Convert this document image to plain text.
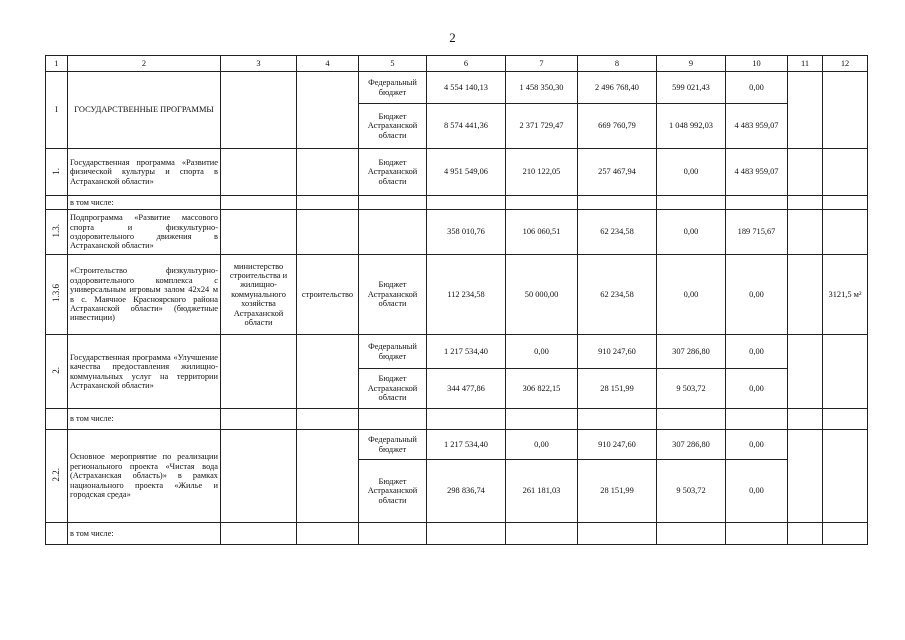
2
1	2	3	4	5	6	7	8	9	10	11	12
I	ГОСУДАРСТВЕННЫЕ ПРОГРАММЫ			Федеральный бюджет	4 554 140,13	1 458 350,30	2 496 768,40	599 021,43	0,00		
				Бюджет Астраханской области	8 574 441,36	2 371 729,47	669 760,79	1 048 992,03	4 483 959,07		
1.	Государственная программа «Развитие физической культуры и спорта в Астраханской области»			Бюджет Астраханской области	4 951 549,06	210 122,05	257 467,94	0,00	4 483 959,07		
	в том числе:										
1.3.	Подпрограмма «Развитие массового спорта и физкультурно-оздоровительного движения в Астраханской области»				358 010,76	106 060,51	62 234,58	0,00	189 715,67		
1.3.6	«Строительство физкультурно-оздоровительного комплекса с универсальным игровым залом 42х24 м в с. Маячное Красноярского района Астраханской области» (бюджетные инвестиции)	министерство строительства и жилищно-коммунального хозяйства Астраханской области	строительство	Бюджет Астраханской области	112 234,58	50 000,00	62 234,58	0,00	0,00		3121,5 м²
2.	Государственная программа «Улучшение качества предоставления жилищно-коммунальных услуг на территории Астраханской области»			Федеральный бюджет	1 217 534,40	0,00	910 247,60	307 286,80	0,00		
				Бюджет Астраханской области	344 477,86	306 822,15	28 151,99	9 503,72	0,00		
	в том числе:										
2.2.	Основное мероприятие по реализации регионального проекта «Чистая вода (Астраханская область)» в рамках национального проекта «Жилье и городская среда»			Федеральный бюджет	1 217 534,40	0,00	910 247,60	307 286,80	0,00		
				Бюджет Астраханской области	298 836,74	261 181,03	28 151,99	9 503,72	0,00		
	в том числе:										
